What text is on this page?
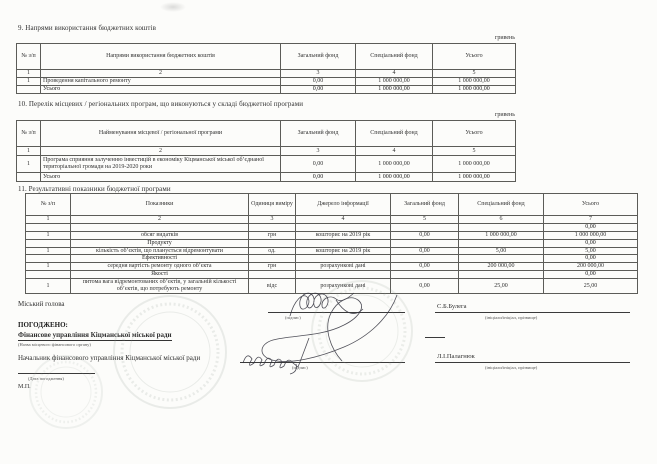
9. Напрями використання бюджетних коштів
гривень
№ з/п	Напрями використання бюджетних коштів	Загальний фонд	Спеціальний фонд	Усього
1	2	3	4	5
1	Проведення капітального ремонту	0,00	1 000 000,00	1 000 000,00
	Усього	0,00	1 000 000,00	1 000 000,00
10. Перелік місцевих / регіональних програм, що виконуються у складі бюджетної програми
гривень
№ з/п	Найменування місцевої / регіональної програми	Загальний фонд	Спеціальний фонд	Усього
1	2	3	4	5
1	Програма сприяння залученню інвестицій в економіку Кіцманської міської об’єднаної територіальної громади на 2019-2020 роки	0,00	1 000 000,00	1 000 000,00
	Усього	0,00	1 000 000,00	1 000 000,00
11. Результативні показники бюджетної програми
№ з/п	Показники	Одиниця виміру	Джерело інформації	Загальний фонд	Спеціальний фонд	Усього
1	2	3	4	5	6	7
						0,00
1	обсяг видатків	грн	кошторис на 2019 рік	0,00	1 000 000,00	1 000 000,00
	Продукту					0,00
1	кількість об’єктів, що планується відремонтувати	од.	кошторис на 2019 рік	0,00	5,00	5,00
	Ефективності					0,00
1	середня вартість ремонту одного об’єкта	грн	розрахункові дані	0,00	200 000,00	200 000,00
	Якості					0,00
1	питома вага відремонтованих об’єктів, у загальній кількості об’єктів, що потребують ремонту	відс	розрахункові дані	0,00	25,00	25,00
Міський голова
(підпис)
С.Б.Булега
(ініціали/ініціал, прізвище)
ПОГОДЖЕНО:
Фінансове управління Кіцманської міської ради
(Назва місцевого фінансового органу)
Начальник фінансового управління Кіцманської міської ради
(підпис)
Л.І.Палагнюк
(ініціали/ініціал, прізвище)
(Дата погодження)
М.П.
